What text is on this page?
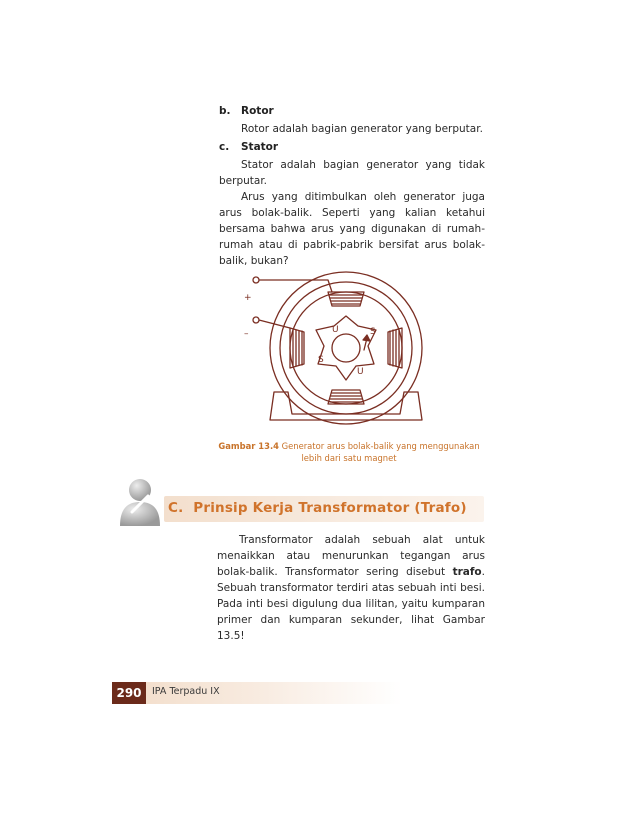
b. Rotor
Rotor adalah bagian generator yang berputar.
c. Stator
Stator adalah bagian generator yang tidak berputar.
Arus yang ditimbulkan oleh generator juga arus bolak-balik. Seperti yang kalian ketahui bersama bahwa arus yang digunakan di rumah-rumah atau di pabrik-pabrik bersifat arus bolak-balik, bukan?
+
–	U	S
S
U
Gambar 13.4 Generator arus bolak-balik yang menggunakan lebih dari satu magnet
C.  Prinsip Kerja Transformator (Trafo)
Transformator adalah sebuah alat untuk menaikkan atau menurunkan tegangan arus bolak-balik. Transformator sering disebut trafo. Sebuah transformator terdiri atas sebuah inti besi. Pada inti besi digulung dua lilitan, yaitu kumparan primer dan kumparan sekunder, lihat Gambar 13.5!
290	IPA Terpadu IX
